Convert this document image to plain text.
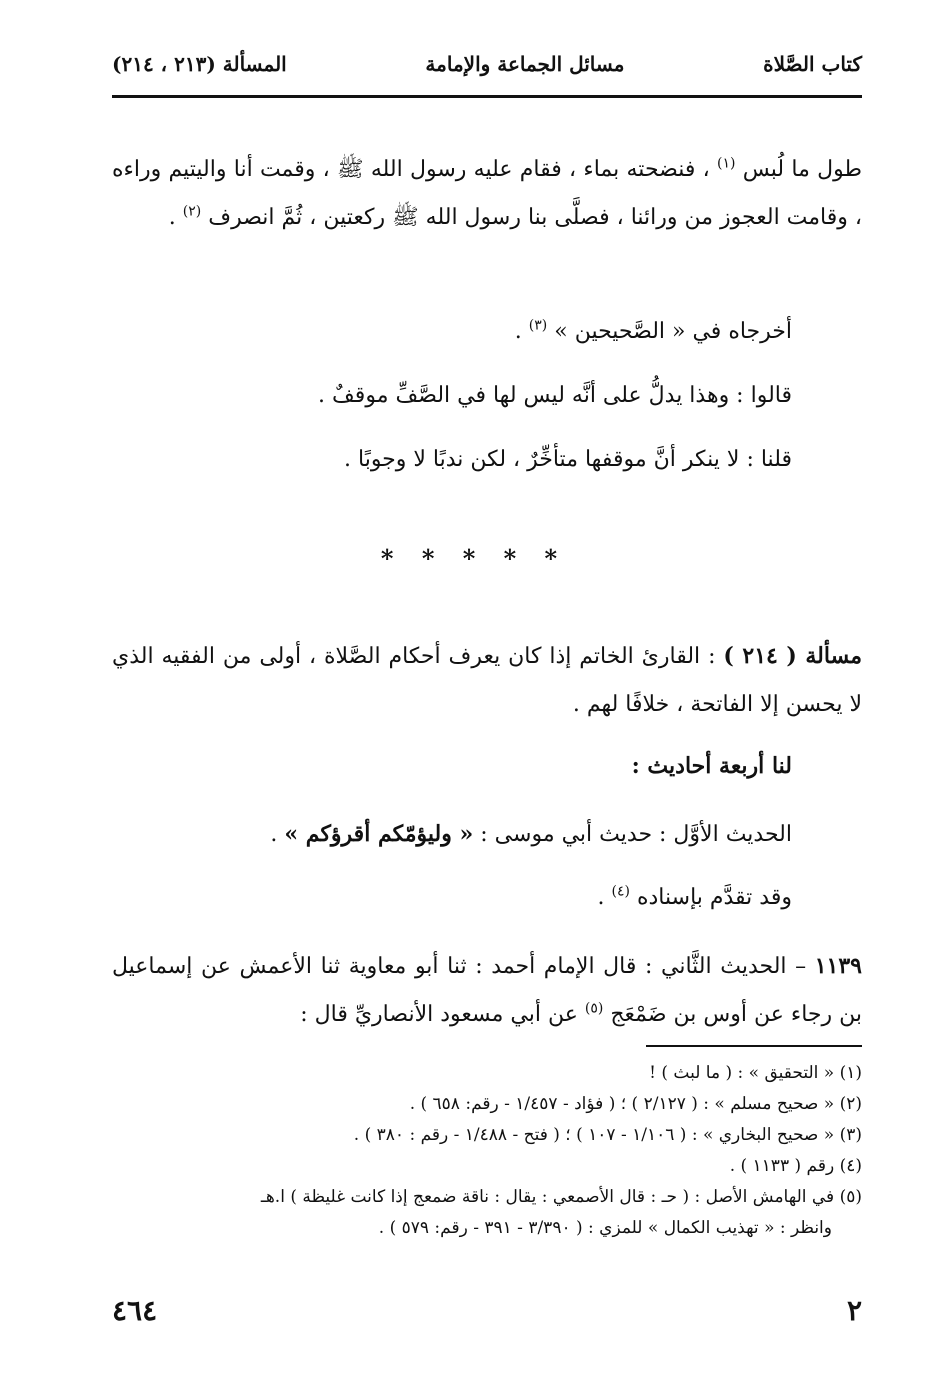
كتاب الصَّلاة
مسائل الجماعة والإمامة
المسألة (٢١٣ ، ٢١٤)

طول ما لُبس $^{(١)}$ ، فنضحته بماء ، فقام عليه رسول الله ﷺ ، وقمت أنا واليتيم وراءه ، وقامت العجوز من ورائنا ، فصلَّى بنا رسول الله ﷺ ركعتين ، ثُمَّ انصرف $^{(٢)}$ .

أخرجاه في « الصَّحيحين » $^{(٣)}$ .

قالوا : وهذا يدلُّ على أنَّه ليس لها في الصَّفِّ موقفٌ .

قلنا : لا ينكر أنَّ موقفها متأخِّرٌ ، لكن ندبًا لا وجوبًا .

* * * * *

مسألة ( ٢١٤ ) : القارئ الخاتم إذا كان يعرف أحكام الصَّلاة ، أولى من الفقيه الذي لا يحسن إلا الفاتحة ، خلافًا لهم .

لنا أربعة أحاديث :

الحديث الأوَّل : حديث أبي موسى : « وليؤمّكم أقرؤكم » .

وقد تقدَّم بإسناده $^{(٤)}$ .

١١٣٩ – الحديث الثَّاني : قال الإمام أحمد : ثنا أبو معاوية ثنا الأعمش عن إسماعيل بن رجاء عن أوس بن ضَمْعَج $^{(٥)}$ عن أبي مسعود الأنصاريِّ قال :

(١) « التحقيق » : ( ما لبث ) !
(٢) « صحيح مسلم » : ( ٢/١٢٧ ) ؛ ( فؤاد - ١/٤٥٧ - رقم: ٦٥٨ ) .
(٣) « صحيح البخاري » : ( ١/١٠٦ - ١٠٧ ) ؛ ( فتح - ١/٤٨٨ - رقم : ٣٨٠ ) .
(٤) رقم ( ١١٣٣ ) .
(٥) في الهامش الأصل : ( حـ : قال الأصمعي : يقال : ناقة ضمعج إذا كانت غليظة ) ا.هـ
وانظر : « تهذيب الكمال » للمزي : ( ٣/٣٩٠ - ٣٩١ - رقم: ٥٧٩ ) .
٢
٤٦٤
